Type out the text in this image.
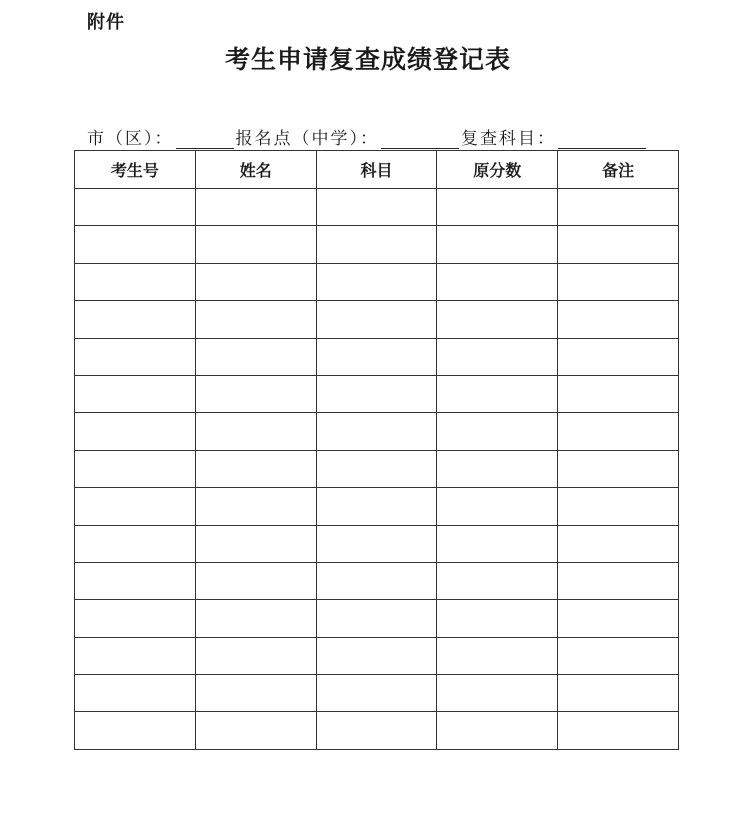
附件
考生申请复查成绩登记表
市（区）：	报名点（中学）：	复查科目：
考生号	姓名	科目	原分数	备注
